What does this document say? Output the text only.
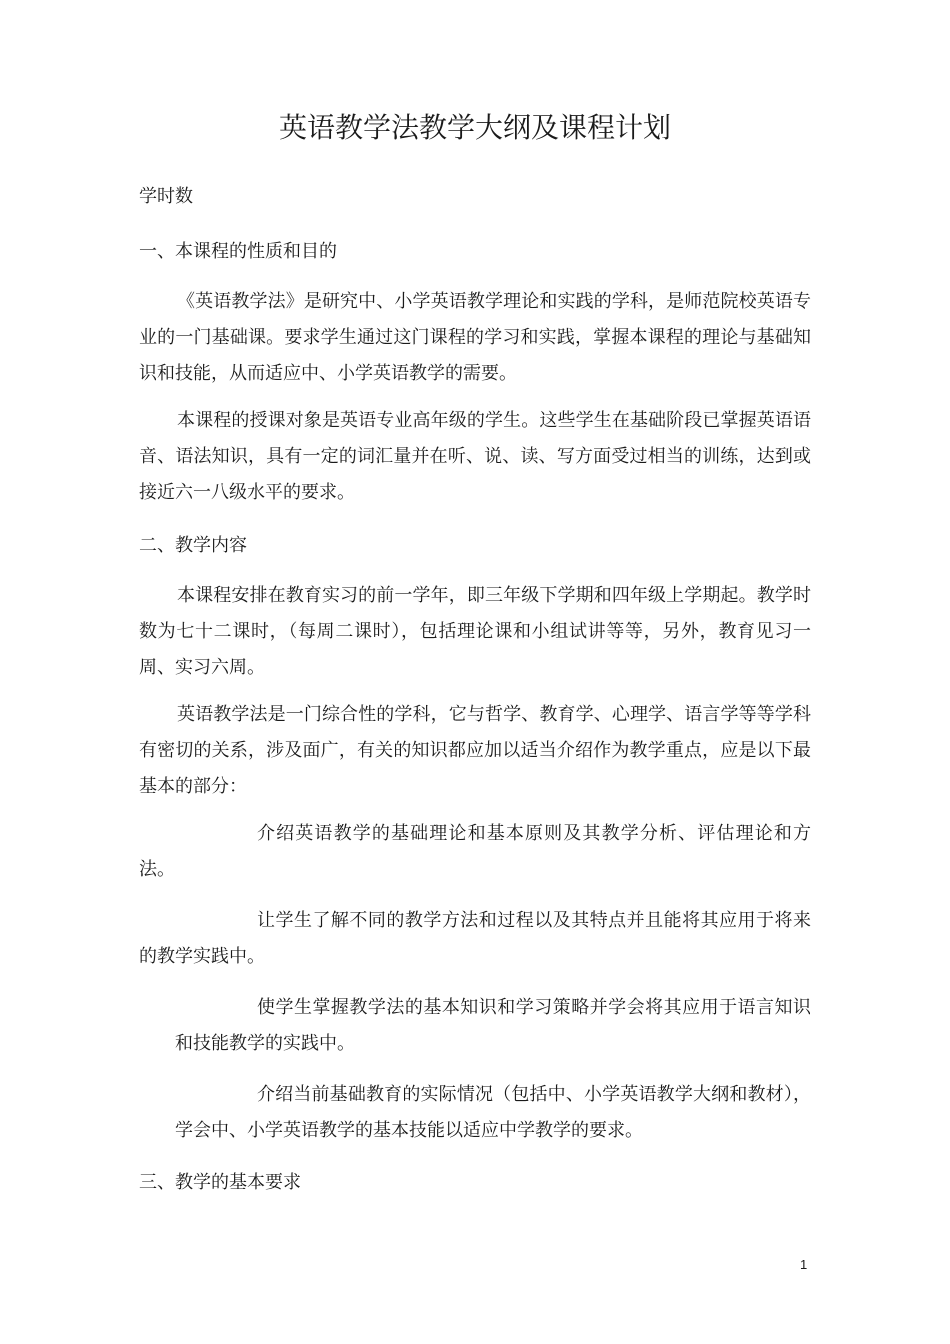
英语教学法教学大纲及课程计划
学时数
一、本课程的性质和目的
《英语教学法》是研究中、小学英语教学理论和实践的学科，是师范院校英语专业的一门基础课。要求学生通过这门课程的学习和实践，掌握本课程的理论与基础知识和技能，从而适应中、小学英语教学的需要。
本课程的授课对象是英语专业高年级的学生。这些学生在基础阶段已掌握英语语音、语法知识，具有一定的词汇量并在听、说、读、写方面受过相当的训练，达到或接近六一八级水平的要求。
二、教学内容
本课程安排在教育实习的前一学年，即三年级下学期和四年级上学期起。教学时数为七十二课时，（每周二课时），包括理论课和小组试讲等等，另外，教育见习一周、实习六周。
英语教学法是一门综合性的学科，它与哲学、教育学、心理学、语言学等等学科有密切的关系，涉及面广，有关的知识都应加以适当介绍作为教学重点，应是以下最基本的部分：
介绍英语教学的基础理论和基本原则及其教学分析、评估理论和方法。
让学生了解不同的教学方法和过程以及其特点并且能将其应用于将来的教学实践中。
使学生掌握教学法的基本知识和学习策略并学会将其应用于语言知识和技能教学的实践中。
介绍当前基础教育的实际情况（包括中、小学英语教学大纲和教材），学会中、小学英语教学的基本技能以适应中学教学的要求。
三、教学的基本要求
1
